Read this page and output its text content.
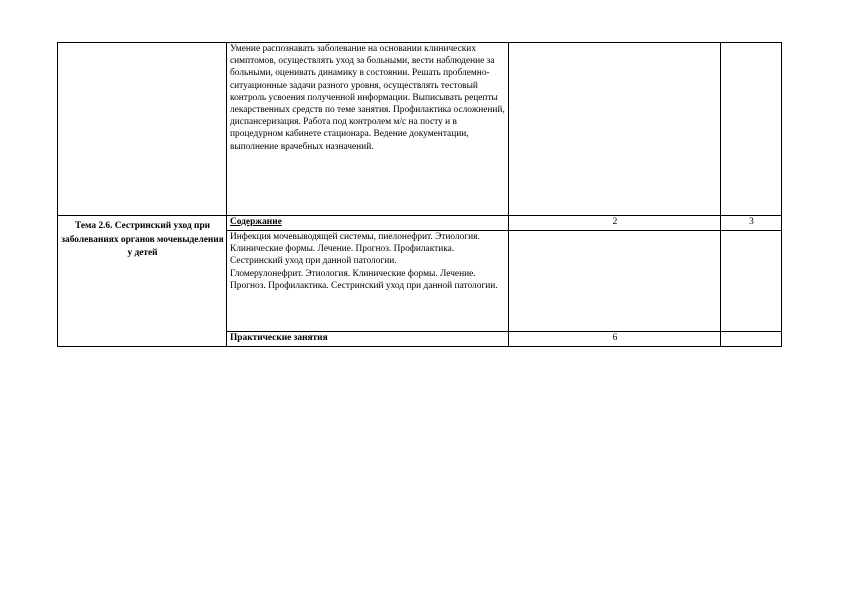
	Умение распознавать заболевание на основании клинических симптомов, осуществлять уход за больными, вести наблюдение за больными, оценивать динамику в состоянии. Решать проблемно-ситуационные задачи разного уровня, осуществлять тестовый контроль усвоения полученной информации. Выписывать рецепты лекарственных средств по теме занятия. Профилактика осложнений, диспансеризация. Работа под контролем м/с на посту и в процедурном кабинете стационара. Ведение документации, выполнение врачебных назначений.		
Тема 2.6. Сестринский уход при заболеваниях органов мочевыделения у детей	Содержание	2	3

	Инфекция мочевыводящей системы, пиелонефрит. Этиология. Клинические формы. Лечение. Прогноз. Профилактика. Сестринский уход при данной патологии.
Гломерулонефрит. Этиология. Клинические формы. Лечение. Прогноз. Профилактика. Сестринский уход при данной патологии.		

	Практические занятия	6	
